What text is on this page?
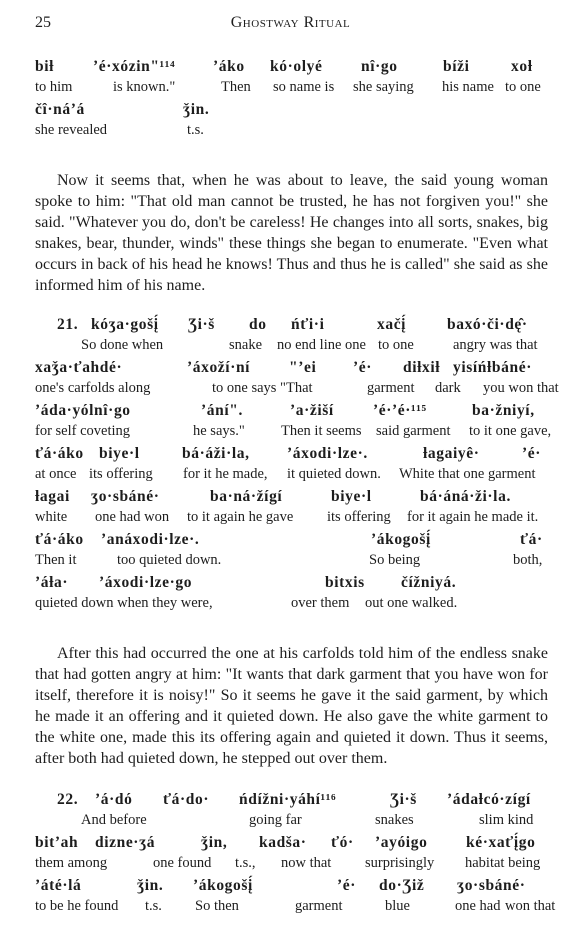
25	Ghostway Ritual
biƚ	ʼé·xózin"¹¹⁴ ʼáko kó·olyé nî·go	bíži	xoƚ
to him	is known."	Then so name is she saying his name to one
čî·náʼá	ǯin.
she revealed	t.s.

Now it seems that, when he was about to leave, the said young woman spoke to him: "That old man cannot be trusted, he has not forgiven you!" she said. "Whatever you do, don't be careless! He changes into all sorts, snakes, big snakes, bear, thunder, winds" these things she began to enumerate. "Even what occurs in back of his head he knows! Thus and thus he is called" she said as she informed him of his name.

21. kóʒa·gošį́ Ʒi·š do ńťi·i	xačį́	baxó·či·dę̂·
So done when	snake no end line one to one	angry was that
xaǯa·ťahdé·	ʼáxoží·ní	"ʼei ʼé· diƚxiƚ yisíńƚbáné·
one's carfolds along	to one says "That	garment dark you won that
ʼáda·yólnî·go	ʼání".	ʼa·žiší	ʼé·ʼé·¹¹⁵	ba·žniyí,
for self coveting	he says." Then it seems said garment to it one gave,
ťá·áko biye·l	bá·áži·la, ʼáxodi·lze·.	ƚagaiyê·	ʼé·
at once its offering for it he made, it quieted down. White that one garment
ƚagai ʒo·sbáné·	ba·ná·žígí	biye·l	bá·áná·ži·la.
white one had won to it again he gave its offering for it again he made it.
ťá·áko ʼanáxodi·lze·.	ʼákogošį́	ťá·
Then it	too quieted down.	So being	both,
ʼáƚa· ʼáxodi·lze·go	bitxis čížniyá.
quieted down when they were,	over them out one walked.

After this had occurred the one at his carfolds told him of the endless snake that had gotten angry at him: "It wants that dark garment that you have won for itself, therefore it is noisy!" So it seems he gave it the said garment, by which he made it an offering and it quieted down. He also gave the white garment to the white one, made this its offering again and quieted it down. Thus it seems, after both had quieted down, he stepped out over them.

22. ʼá·dó ťá·do· ńdížni·yáhí¹¹⁶	Ʒi·š ʼádaƚcó·zígí
And before	going far	snakes	slim kind
bitʼah dizne·ʒá	ǯin, kadša· ťó· ʼayóigo ké·xaťį́go
them among	one found t.s., now that surprisingly habitat being
ʼáté·lá	ǯin. ʼákogošį́	ʼé· do·Ʒiž ʒo·sbáné·
to be he found t.s. So then	garment	blue	one had won that
